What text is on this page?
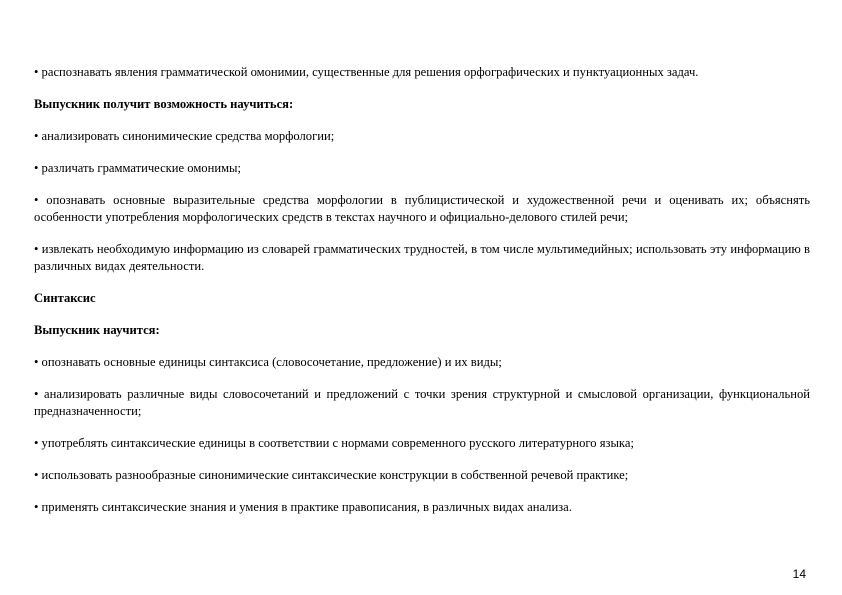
• распознавать явления грамматической омонимии, существенные для решения орфографических и пунктуационных задач.

Выпускник получит возможность научиться:

• анализировать синонимические средства морфологии;

• различать грамматические омонимы;

• опознавать основные выразительные средства морфологии в публицистической и художественной речи и оценивать их; объяснять особенности употребления морфологических средств в текстах научного и официально-делового стилей речи;

• извлекать необходимую информацию из словарей грамматических трудностей, в том числе мультимедийных; использовать эту информацию в различных видах деятельности.

Синтаксис

Выпускник научится:

• опознавать основные единицы синтаксиса (словосочетание, предложение) и их виды;

• анализировать различные виды словосочетаний и предложений с точки зрения структурной и смысловой организации, функциональной предназначенности;

• употреблять синтаксические единицы в соответствии с нормами современного русского литературного языка;

• использовать разнообразные синонимические синтаксические конструкции в собственной речевой практике;

• применять синтаксические знания и умения в практике правописания, в различных видах анализа.

14
